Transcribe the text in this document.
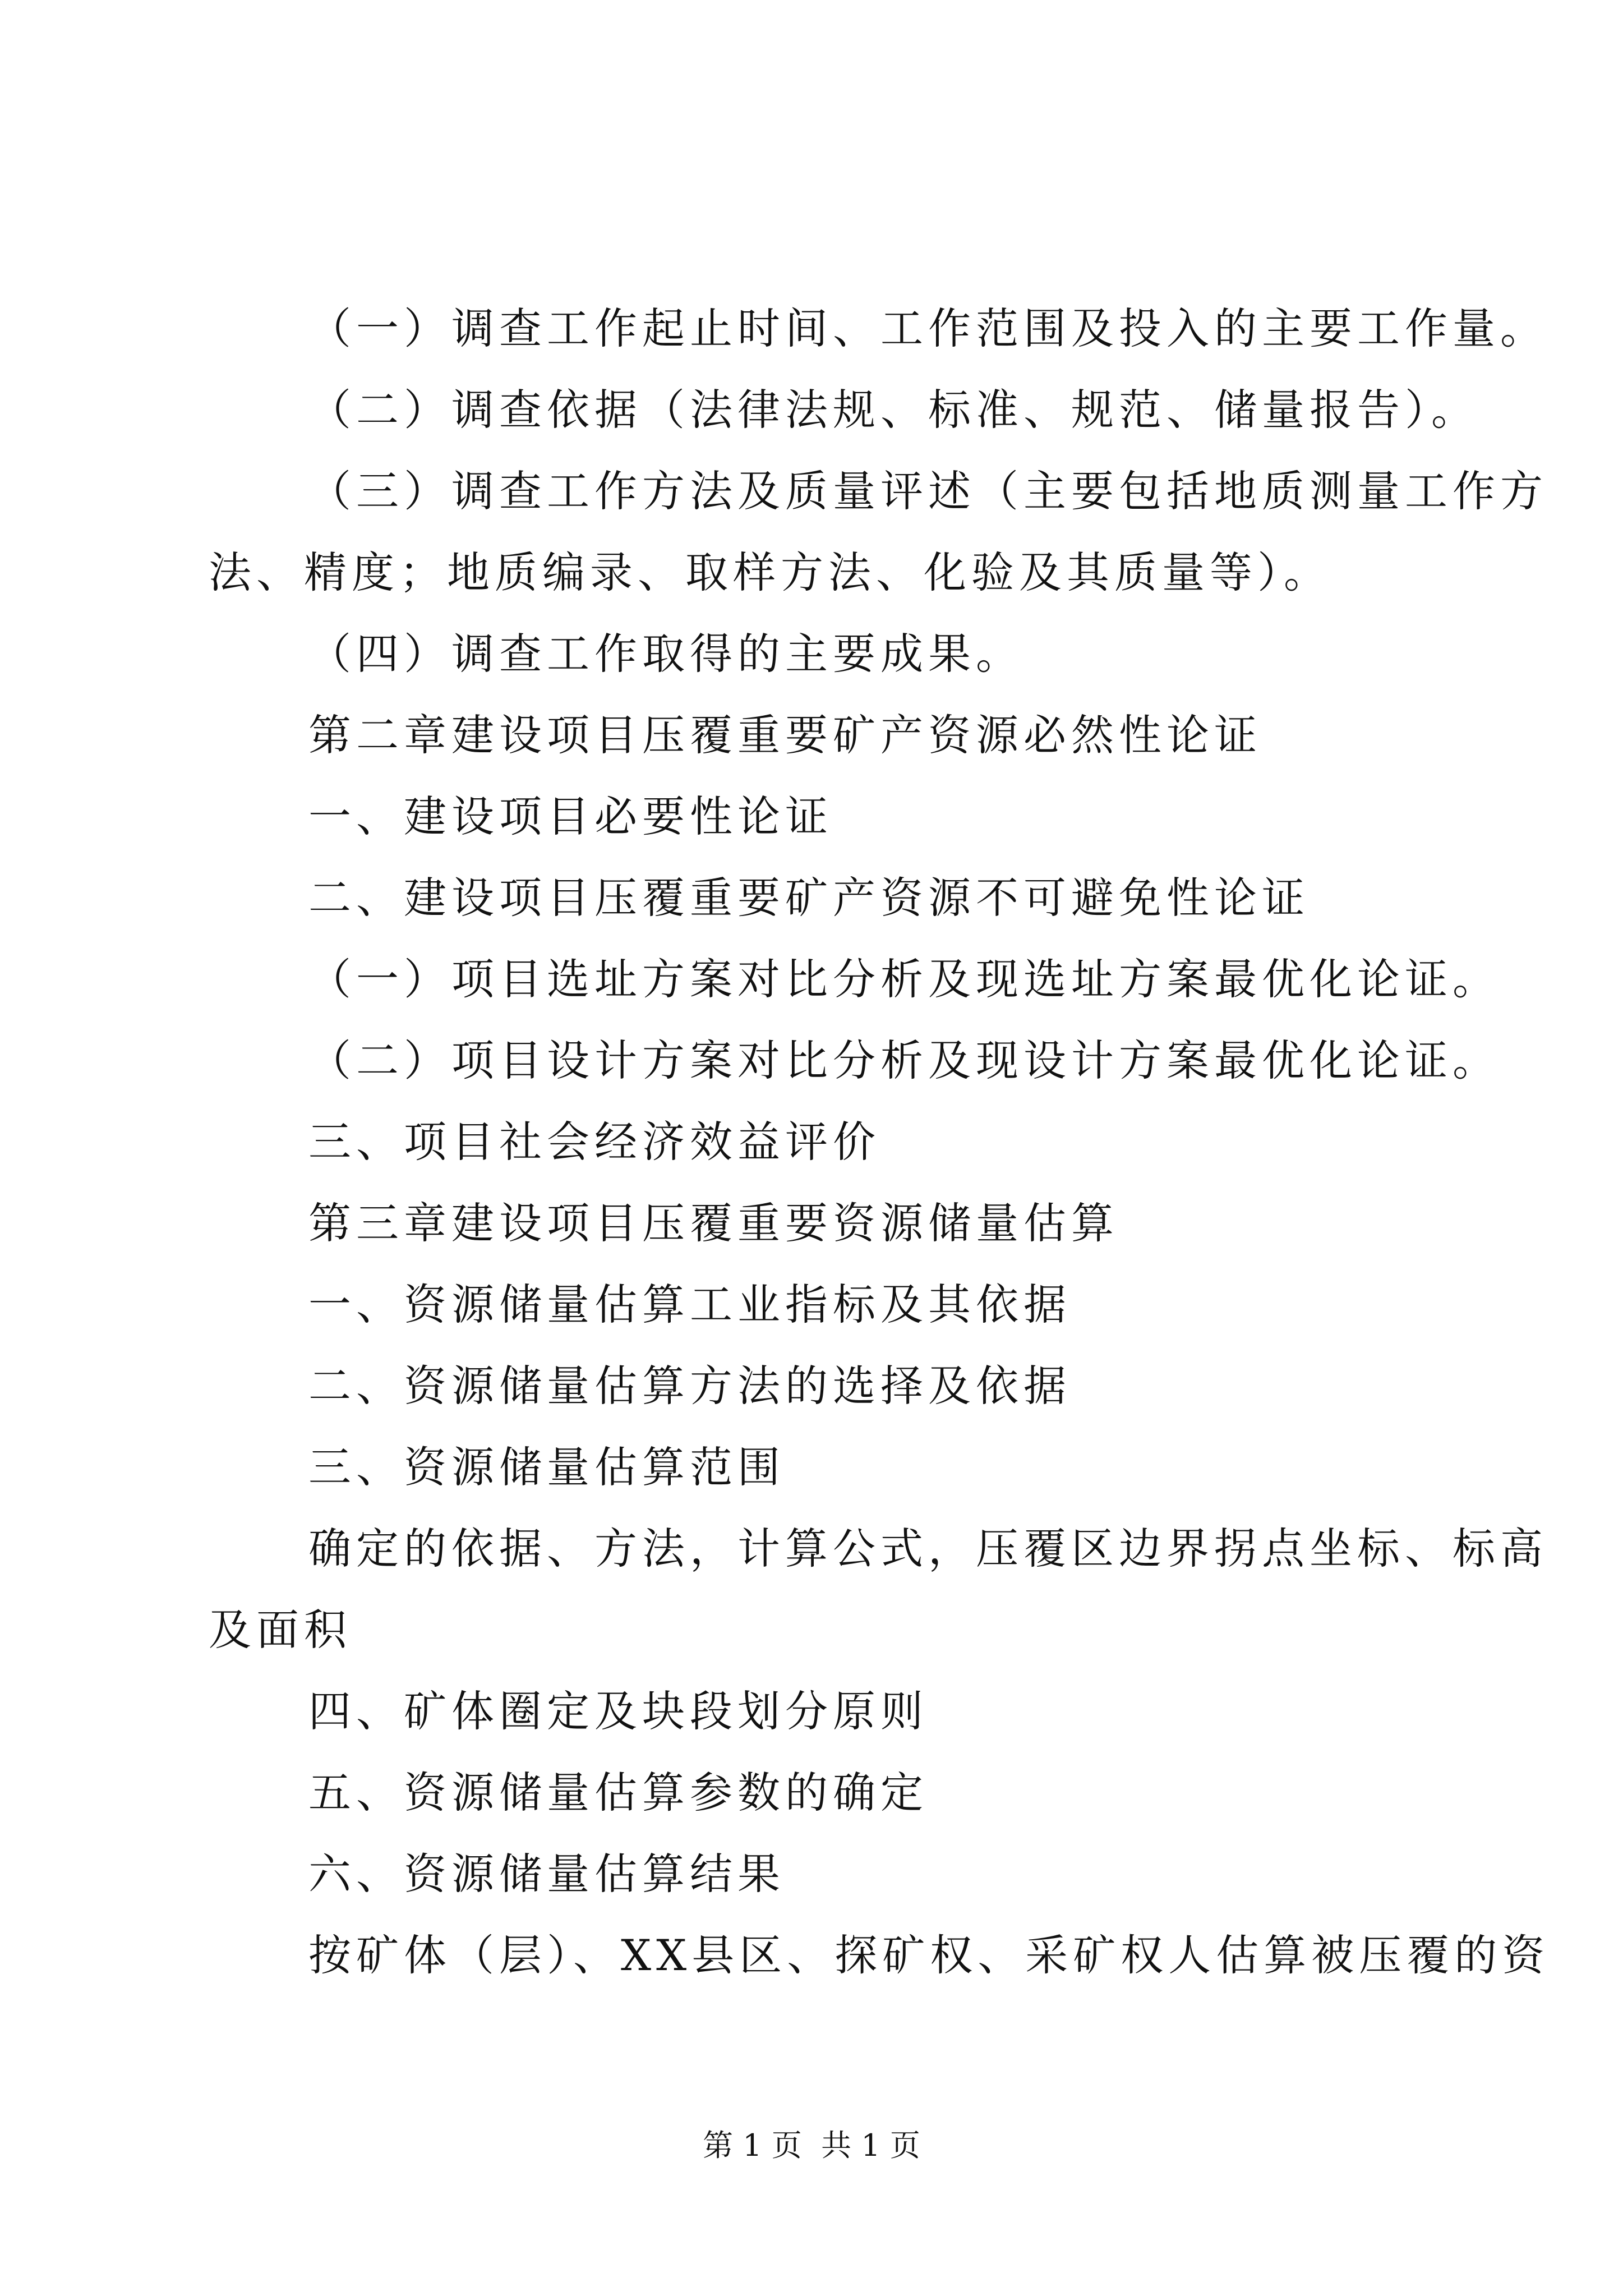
（一）调查工作起止时间、工作范围及投入的主要工作量。
（二）调查依据（法律法规、标准、规范、储量报告）。
（三）调查工作方法及质量评述（主要包括地质测量工作方
法、精度；地质编录、取样方法、化验及其质量等）。
（四）调查工作取得的主要成果。
第二章建设项目压覆重要矿产资源必然性论证
一、建设项目必要性论证
二、建设项目压覆重要矿产资源不可避免性论证
（一）项目选址方案对比分析及现选址方案最优化论证。
（二）项目设计方案对比分析及现设计方案最优化论证。
三、项目社会经济效益评价
第三章建设项目压覆重要资源储量估算
一、资源储量估算工业指标及其依据
二、资源储量估算方法的选择及依据
三、资源储量估算范围
确定的依据、方法，计算公式，压覆区边界拐点坐标、标高
及面积
四、矿体圈定及块段划分原则
五、资源储量估算参数的确定
六、资源储量估算结果
按矿体（层）、XX县区、探矿权、采矿权人估算被压覆的资
第 1 页  共 1 页
